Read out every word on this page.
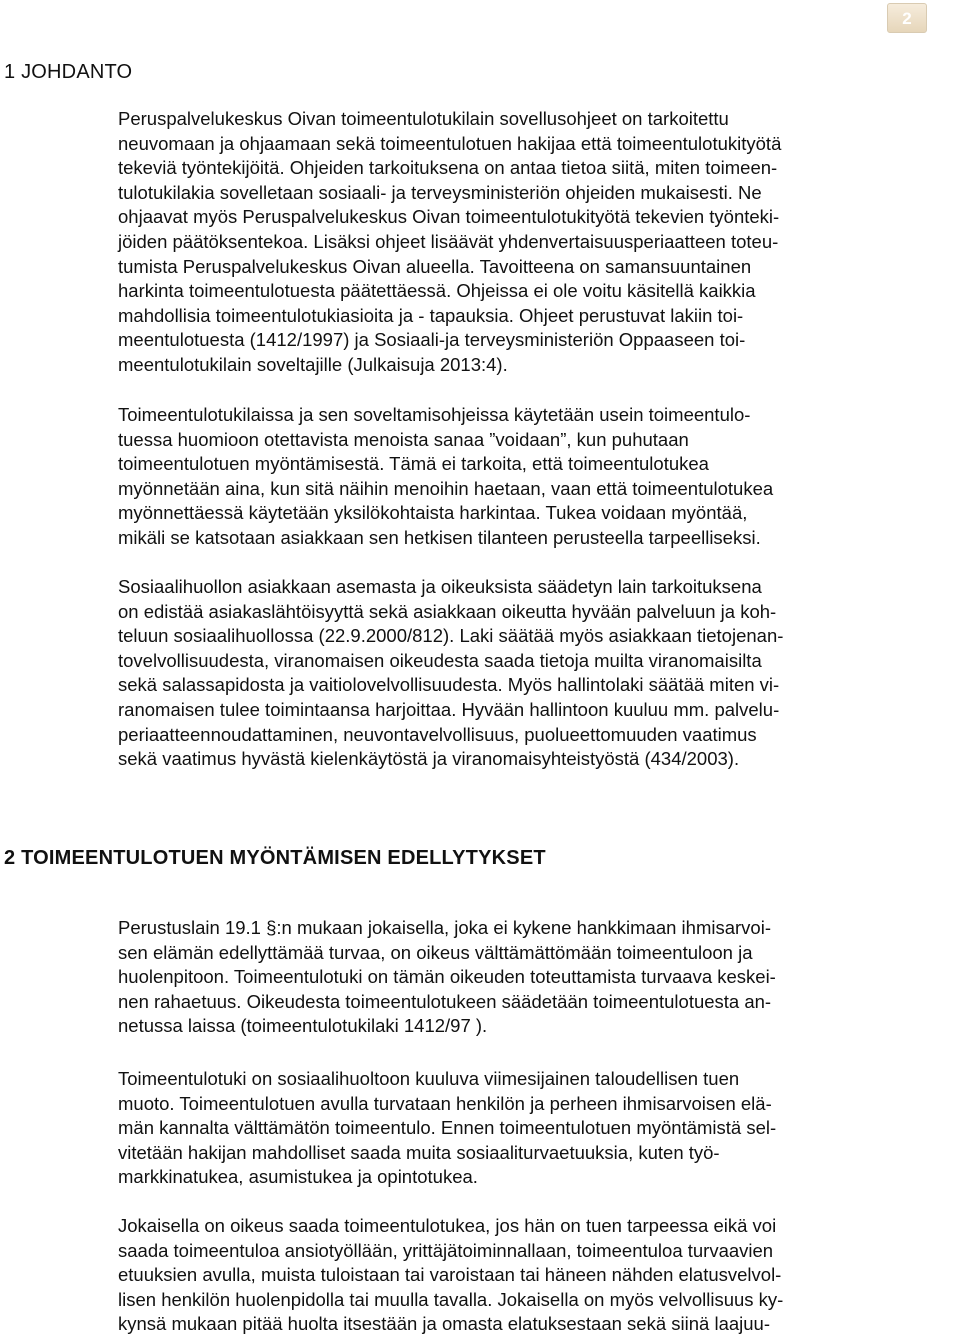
2
1 JOHDANTO

Peruspalvelukeskus Oivan toimeentulotukilain sovellusohjeet on tarkoitettu
neuvomaan ja ohjaamaan sekä toimeentulotuen hakijaa että toimeentulotukityötä
tekeviä työntekijöitä. Ohjeiden tarkoituksena on antaa tietoa siitä, miten toimeen-
tulotukilakia sovelletaan sosiaali- ja terveysministeriön ohjeiden mukaisesti. Ne
ohjaavat myös Peruspalvelukeskus Oivan toimeentulotukityötä tekevien työnteki-
jöiden päätöksentekoa. Lisäksi ohjeet lisäävät yhdenvertaisuusperiaatteen toteu-
tumista Peruspalvelukeskus Oivan alueella. Tavoitteena on samansuuntainen
harkinta toimeentulotuesta päätettäessä. Ohjeissa ei ole voitu käsitellä kaikkia
mahdollisia toimeentulotukiasioita ja - tapauksia. Ohjeet perustuvat lakiin toi-
meentulotuesta (1412/1997) ja Sosiaali-ja terveysministeriön Oppaaseen toi-
meentulotukilain soveltajille (Julkaisuja 2013:4).

Toimeentulotukilaissa ja sen soveltamisohjeissa käytetään usein toimeentulo-
tuessa huomioon otettavista menoista sanaa ”voidaan”, kun puhutaan
toimeentulotuen myöntämisestä. Tämä ei tarkoita, että toimeentulotukea
myönnetään aina, kun sitä näihin menoihin haetaan, vaan että toimeentulotukea
myönnettäessä käytetään yksilökohtaista harkintaa. Tukea voidaan myöntää,
mikäli se katsotaan asiakkaan sen hetkisen tilanteen perusteella tarpeelliseksi.

Sosiaalihuollon asiakkaan asemasta ja oikeuksista säädetyn lain tarkoituksena
on edistää asiakaslähtöisyyttä sekä asiakkaan oikeutta hyvään palveluun ja koh-
teluun sosiaalihuollossa (22.9.2000/812). Laki säätää myös asiakkaan tietojenan-
tovelvollisuudesta, viranomaisen oikeudesta saada tietoja muilta viranomaisilta
sekä salassapidosta ja vaitiolovelvollisuudesta. Myös hallintolaki säätää miten vi-
ranomaisen tulee toimintaansa harjoittaa. Hyvään hallintoon kuuluu mm. palvelu-
periaatteennoudattaminen, neuvontavelvollisuus, puolueettomuuden vaatimus
sekä vaatimus hyvästä kielenkäytöstä ja viranomaisyhteistyöstä (434/2003).

2 TOIMEENTULOTUEN MYÖNTÄMISEN EDELLYTYKSET

Perustuslain 19.1 §:n mukaan jokaisella, joka ei kykene hankkimaan ihmisarvoi-
sen elämän edellyttämää turvaa, on oikeus välttämättömään toimeentuloon ja
huolenpitoon. Toimeentulotuki on tämän oikeuden toteuttamista turvaava keskei-
nen rahaetuus. Oikeudesta toimeentulotukeen säädetään toimeentulotuesta an-
netussa laissa (toimeentulotukilaki 1412/97 ).

Toimeentulotuki on sosiaalihuoltoon kuuluva viimesijainen taloudellisen tuen
muoto. Toimeentulotuen avulla turvataan henkilön ja perheen ihmisarvoisen elä-
män kannalta välttämätön toimeentulo. Ennen toimeentulotuen myöntämistä sel-
vitetään hakijan mahdolliset saada muita sosiaaliturvaetuuksia, kuten työ-
markkinatukea, asumistukea ja opintotukea.

Jokaisella on oikeus saada toimeentulotukea, jos hän on tuen tarpeessa eikä voi
saada toimeentuloa ansiotyöllään, yrittäjätoiminnallaan, toimeentuloa turvaavien
etuuksien avulla, muista tuloistaan tai varoistaan tai häneen nähden elatusvelvol-
lisen henkilön huolenpidolla tai muulla tavalla. Jokaisella on myös velvollisuus ky-
kynsä mukaan pitää huolta itsestään ja omasta elatuksestaan sekä siinä laajuu-
